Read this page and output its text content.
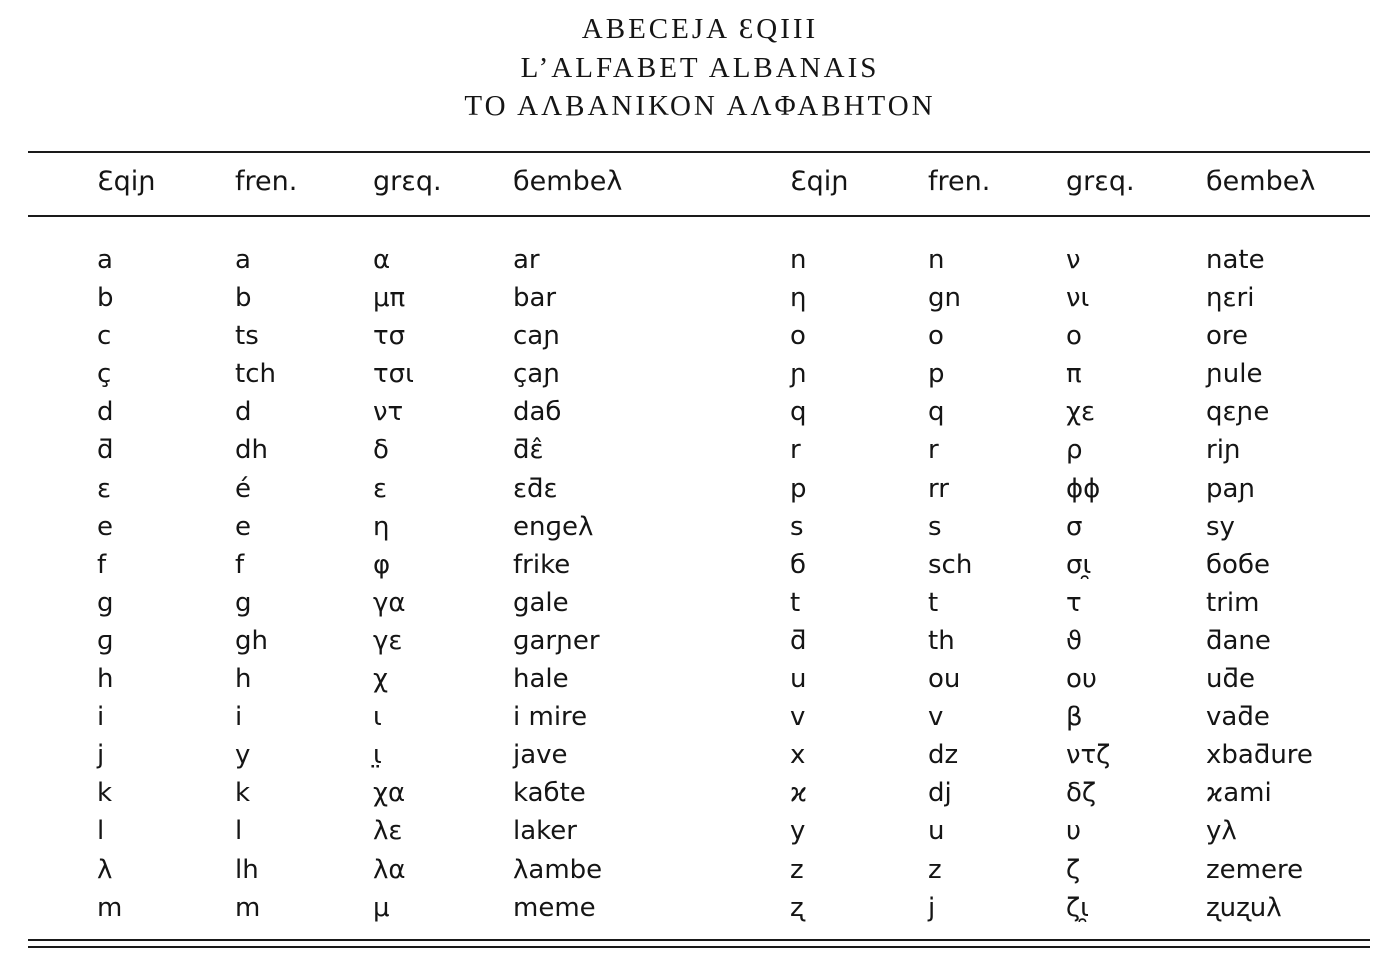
ABECEJA ƐQIII
L’ALFABET ALBANAIS
ΤΟ ΑΛΒΑΝΙΚΟΝ ΑΛΦΑΒΗΤΟΝ
Ɛqiɲ	fren.	grɛq.	бembeλ	Ɛqiɲ	fren.	grɛq.	бembeλ
a	a	α	ar	n	n	ν	nate
b	b	μπ	bar	η	gn	νι	ηεri
c	ts	τσ	caɲ	o	o	ο	ore
ç	tch	τσι	çaɲ	ɲ	p	π	ɲule
d	d	ντ	daб	q	q	χε	qεɲe
ƌ	dh	δ	ƌε̂	r	r	ρ	riɲ
ε	é	ε	εƌε	p	rr	ϕϕ	paɲ
e	e	η	enɡeλ	s	s	σ	sy
f	f	φ	frike	б	sch	σι̯	бoбe
g	g	γα	gale	t	t	τ	trim
ɡ	gh	γε	ɡarɲer	ƌ	th	ϑ	ƌane
h	h	χ	hale	u	ou	ου	uƌe
i	i	ι	i mire	v	v	β	vaƌe
j	y	ι̤	jave	x	dz	ντζ	xbaƌure
k	k	χα	kaбte	ϰ	dj	δζ	ϰami
l	l	λε	laker	y	u	υ	yλ
λ	lh	λα	λambe	z	z	ζ	zemere
m	m	μ	meme	ʐ	j	ζι̯	ʐuʐuλ
